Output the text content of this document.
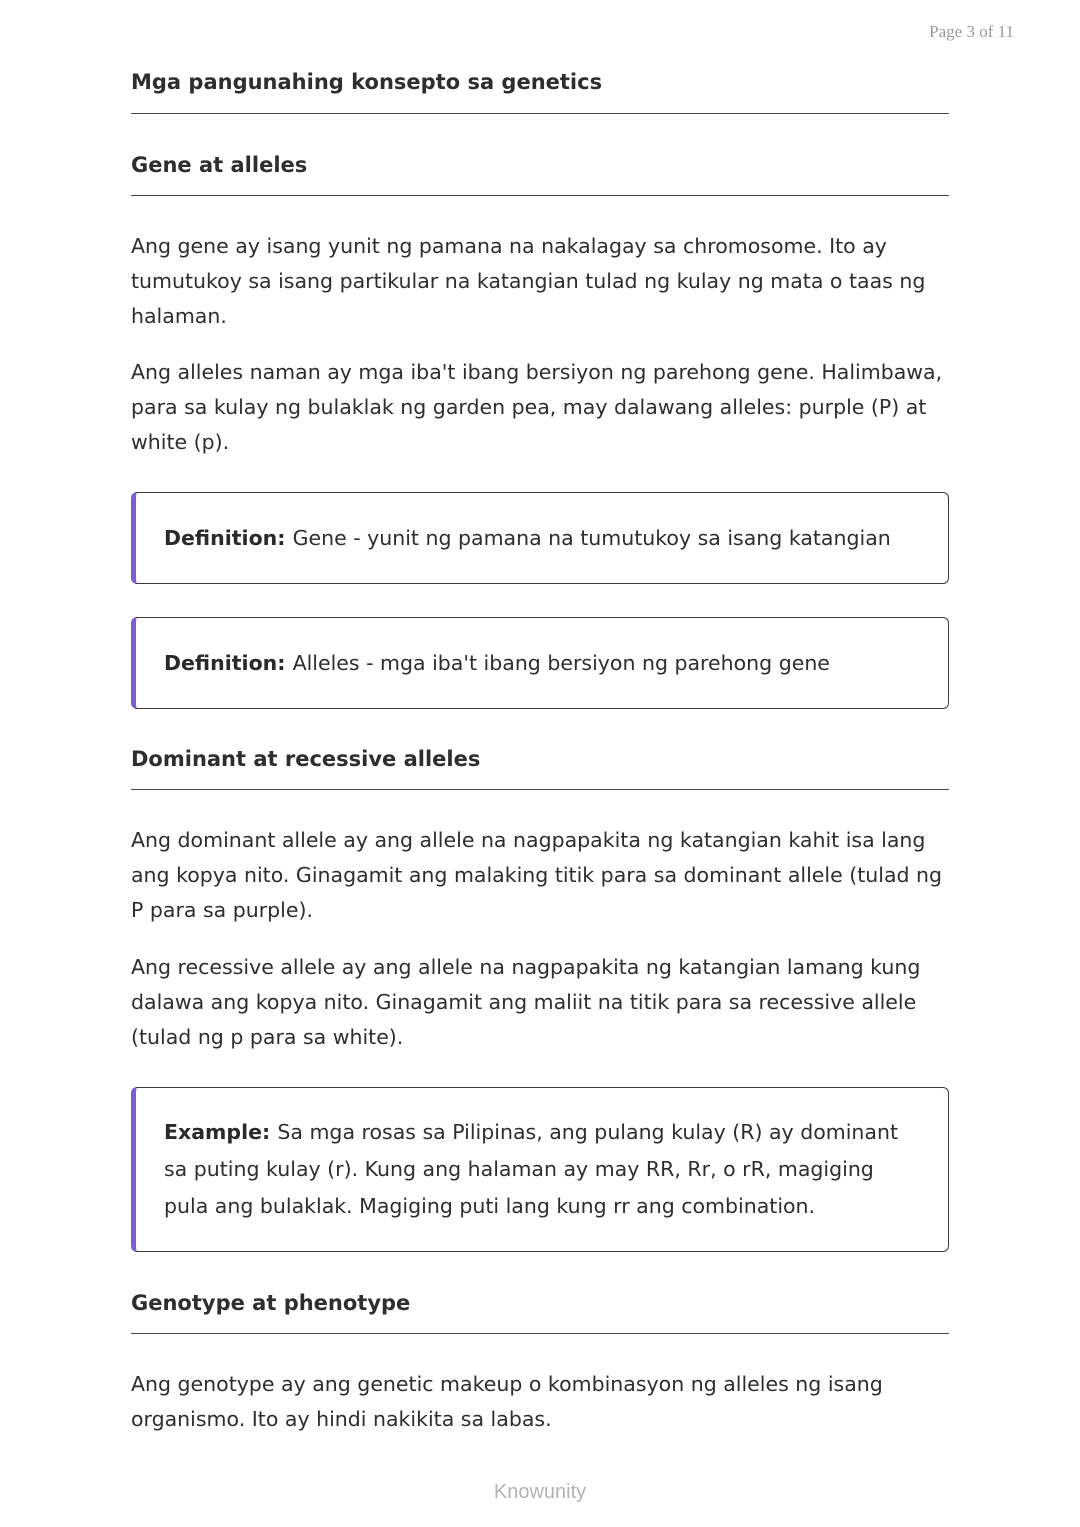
Page 3 of 11
Mga pangunahing konsepto sa genetics
Gene at alleles

Ang gene ay isang yunit ng pamana na nakalagay sa chromosome. Ito ay tumutukoy sa isang partikular na katangian tulad ng kulay ng mata o taas ng halaman.

Ang alleles naman ay mga iba't ibang bersiyon ng parehong gene. Halimbawa, para sa kulay ng bulaklak ng garden pea, may dalawang alleles: purple (P) at white (p).

Definition: Gene - yunit ng pamana na tumutukoy sa isang katangian
Definition: Alleles - mga iba't ibang bersiyon ng parehong gene
Dominant at recessive alleles

Ang dominant allele ay ang allele na nagpapakita ng katangian kahit isa lang ang kopya nito. Ginagamit ang malaking titik para sa dominant allele (tulad ng P para sa purple).

Ang recessive allele ay ang allele na nagpapakita ng katangian lamang kung dalawa ang kopya nito. Ginagamit ang maliit na titik para sa recessive allele (tulad ng p para sa white).

Example: Sa mga rosas sa Pilipinas, ang pulang kulay (R) ay dominant sa puting kulay (r). Kung ang halaman ay may RR, Rr, o rR, magiging pula ang bulaklak. Magiging puti lang kung rr ang combination.
Genotype at phenotype

Ang genotype ay ang genetic makeup o kombinasyon ng alleles ng isang organismo. Ito ay hindi nakikita sa labas.

Knowunity
